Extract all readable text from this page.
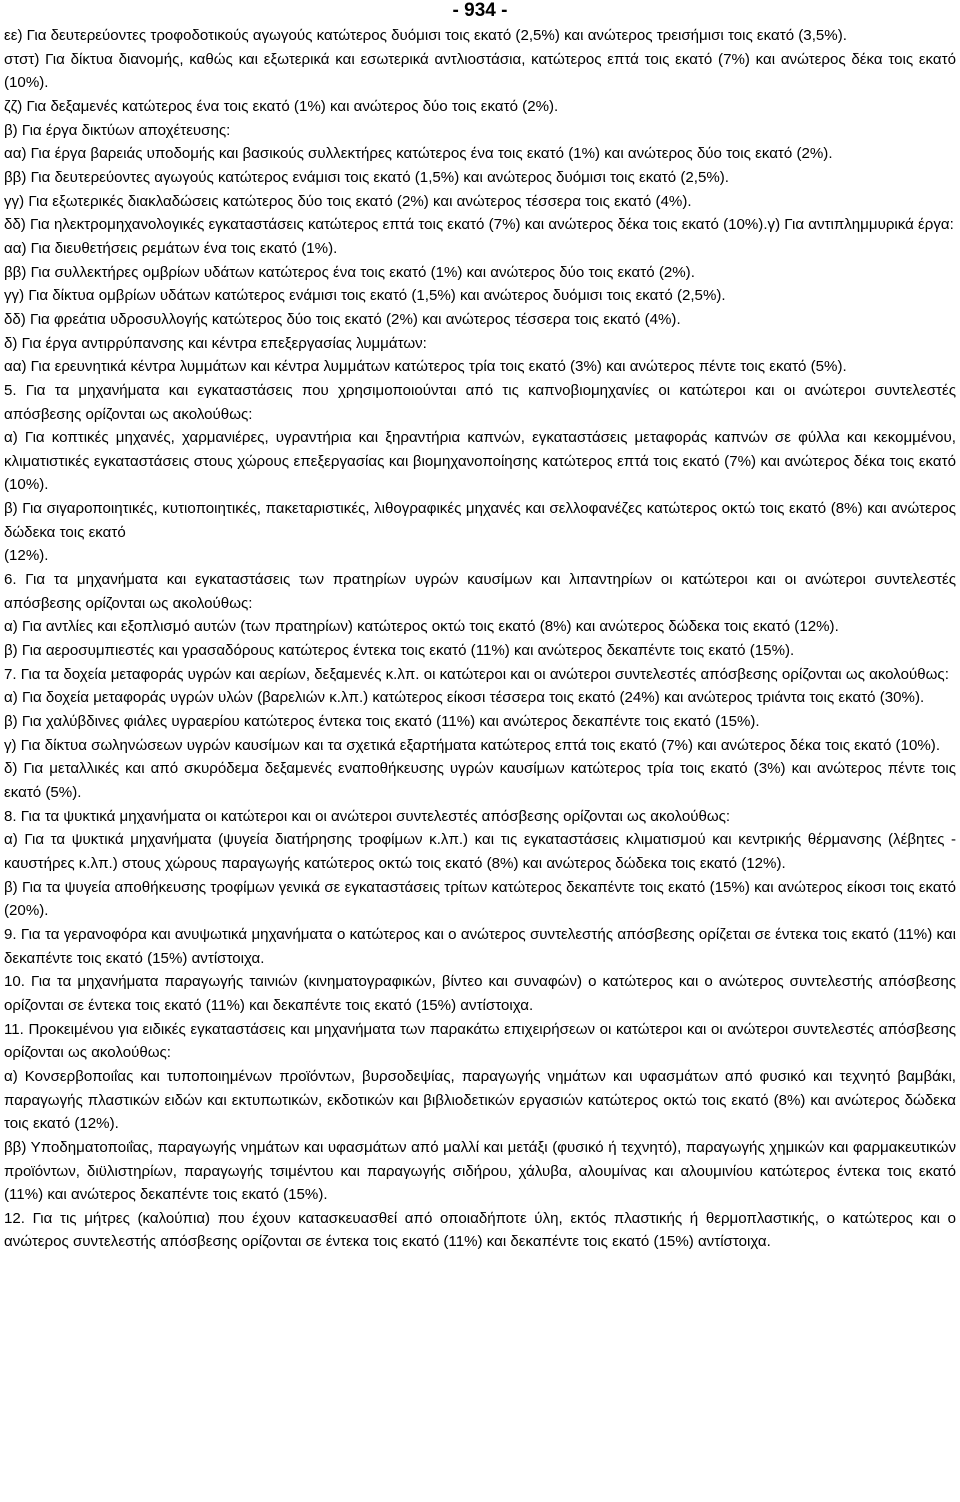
- 934 -

εε) Για δευτερεύοντες τροφοδοτικούς αγωγούς κατώτερος δυόμισι τοις εκατό (2,5%) και ανώτερος τρεισήμισι τοις εκατό (3,5%).

στστ) Για δίκτυα διανομής, καθώς και εξωτερικά και εσωτερικά αντλιοστάσια, κατώτερος επτά τοις εκατό (7%) και ανώτερος δέκα τοις εκατό (10%).

ζζ) Για δεξαμενές κατώτερος ένα τοις εκατό (1%) και ανώτερος δύο τοις εκατό (2%).

β) Για έργα δικτύων αποχέτευσης:

αα) Για έργα βαρειάς υποδομής και βασικούς συλλεκτήρες κατώτερος ένα τοις εκατό (1%) και ανώτερος δύο τοις εκατό (2%).

ββ) Για δευτερεύοντες αγωγούς κατώτερος ενάμισι τοις εκατό (1,5%) και ανώτερος δυόμισι τοις εκατό (2,5%).

γγ) Για εξωτερικές διακλαδώσεις κατώτερος δύο τοις εκατό (2%) και ανώτερος τέσσερα τοις εκατό (4%).

δδ) Για ηλεκτρομηχανολογικές εγκαταστάσεις κατώτερος επτά τοις εκατό (7%) και ανώτερος δέκα τοις εκατό (10%).γ) Για αντιπλημμυρικά έργα:

αα) Για διευθετήσεις ρεμάτων ένα τοις εκατό (1%).

ββ) Για συλλεκτήρες ομβρίων υδάτων κατώτερος ένα τοις εκατό (1%) και ανώτερος δύο τοις εκατό (2%).

γγ) Για δίκτυα ομβρίων υδάτων κατώτερος ενάμισι τοις εκατό (1,5%) και ανώτερος δυόμισι τοις εκατό (2,5%).

δδ) Για φρεάτια υδροσυλλογής κατώτερος δύο τοις εκατό (2%) και ανώτερος τέσσερα τοις εκατό (4%).

δ) Για έργα αντιρρύπανσης και κέντρα επεξεργασίας λυμμάτων:

αα) Για ερευνητικά κέντρα λυμμάτων και κέντρα λυμμάτων κατώτερος τρία τοις εκατό (3%) και ανώτερος πέντε τοις εκατό (5%).

5. Για τα μηχανήματα και εγκαταστάσεις που χρησιμοποιούνται από τις καπνοβιομηχανίες οι κατώτεροι και οι ανώτεροι συντελεστές απόσβεσης ορίζονται ως ακολούθως:

α) Για κοπτικές μηχανές, χαρμανιέρες, υγραντήρια και ξηραντήρια καπνών, εγκαταστάσεις μεταφοράς καπνών σε φύλλα και κεκομμένου, κλιματιστικές εγκαταστάσεις στους χώρους επεξεργασίας και βιομηχανοποίησης κατώτερος επτά τοις εκατό (7%) και ανώτερος δέκα τοις εκατό (10%).

β) Για σιγαροποιητικές, κυτιοποιητικές, πακεταριστικές, λιθογραφικές μηχανές και σελλοφανέζες κατώτερος οκτώ τοις εκατό (8%) και ανώτερος δώδεκα τοις εκατό

(12%).

6. Για τα μηχανήματα και εγκαταστάσεις των πρατηρίων υγρών καυσίμων και λιπαντηρίων οι κατώτεροι και οι ανώτεροι συντελεστές απόσβεσης ορίζονται ως ακολούθως:

α) Για αντλίες και εξοπλισμό αυτών (των πρατηρίων) κατώτερος οκτώ τοις εκατό (8%) και ανώτερος δώδεκα τοις εκατό (12%).

β) Για αεροσυμπιεστές και γρασαδόρους κατώτερος έντεκα τοις εκατό (11%) και ανώτερος δεκαπέντε τοις εκατό (15%).

7. Για τα δοχεία μεταφοράς υγρών και αερίων, δεξαμενές κ.λπ. οι κατώτεροι και οι ανώτεροι συντελεστές απόσβεσης ορίζονται ως ακολούθως:

α) Για δοχεία μεταφοράς υγρών υλών (βαρελιών κ.λπ.) κατώτερος είκοσι τέσσερα τοις εκατό (24%) και ανώτερος τριάντα τοις εκατό (30%).

β) Για χαλύβδινες φιάλες υγραερίου κατώτερος έντεκα τοις εκατό (11%) και ανώτερος δεκαπέντε τοις εκατό (15%).

γ) Για δίκτυα σωληνώσεων υγρών καυσίμων και τα σχετικά εξαρτήματα κατώτερος επτά τοις εκατό (7%) και ανώτερος δέκα τοις εκατό (10%).

δ) Για μεταλλικές και από σκυρόδεμα δεξαμενές εναποθήκευσης υγρών καυσίμων κατώτερος τρία τοις εκατό (3%) και ανώτερος πέντε τοις εκατό (5%).

8. Για τα ψυκτικά μηχανήματα οι κατώτεροι και οι ανώτεροι συντελεστές απόσβεσης ορίζονται ως ακολούθως:

α) Για τα ψυκτικά μηχανήματα (ψυγεία διατήρησης τροφίμων κ.λπ.) και τις εγκαταστάσεις κλιματισμού και κεντρικής θέρμανσης (λέβητες - καυστήρες κ.λπ.) στους χώρους παραγωγής κατώτερος οκτώ τοις εκατό (8%) και ανώτερος δώδεκα τοις εκατό (12%).

β) Για τα ψυγεία αποθήκευσης τροφίμων γενικά σε εγκαταστάσεις τρίτων κατώτερος δεκαπέντε τοις εκατό (15%) και ανώτερος είκοσι τοις εκατό (20%).

9. Για τα γερανοφόρα και ανυψωτικά μηχανήματα ο κατώτερος και ο ανώτερος συντελεστής απόσβεσης ορίζεται σε έντεκα τοις εκατό (11%) και δεκαπέντε τοις εκατό (15%) αντίστοιχα.

10. Για τα μηχανήματα παραγωγής ταινιών (κινηματογραφικών, βίντεο και συναφών) ο κατώτερος και ο ανώτερος συντελεστής απόσβεσης ορίζονται σε έντεκα τοις εκατό (11%) και δεκαπέντε τοις εκατό (15%) αντίστοιχα.

11. Προκειμένου για ειδικές εγκαταστάσεις και μηχανήματα των παρακάτω επιχειρήσεων οι κατώτεροι και οι ανώτεροι συντελεστές απόσβεσης ορίζονται ως ακολούθως:

α) Κονσερβοποιΐας και τυποποιημένων προϊόντων, βυρσοδεψίας, παραγωγής νημάτων και υφασμάτων από φυσικό και τεχνητό βαμβάκι, παραγωγής πλαστικών ειδών και εκτυπωτικών, εκδοτικών και βιβλιοδετικών εργασιών κατώτερος οκτώ τοις εκατό (8%) και ανώτερος δώδεκα τοις εκατό (12%).

ββ) Υποδηματοποιΐας, παραγωγής νημάτων και υφασμάτων από μαλλί και μετάξι (φυσικό ή τεχνητό), παραγωγής χημικών και φαρμακευτικών προϊόντων, διϋλιστηρίων, παραγωγής τσιμέντου και παραγωγής σιδήρου, χάλυβα, αλουμίνας και αλουμινίου κατώτερος έντεκα τοις εκατό (11%) και ανώτερος δεκαπέντε τοις εκατό (15%).

12. Για τις μήτρες (καλούπια) που έχουν κατασκευασθεί από οποιαδήποτε ύλη, εκτός πλαστικής ή θερμοπλαστικής, ο κατώτερος και ο ανώτερος συντελεστής απόσβεσης ορίζονται σε έντεκα τοις εκατό (11%) και δεκαπέντε τοις εκατό (15%) αντίστοιχα.
